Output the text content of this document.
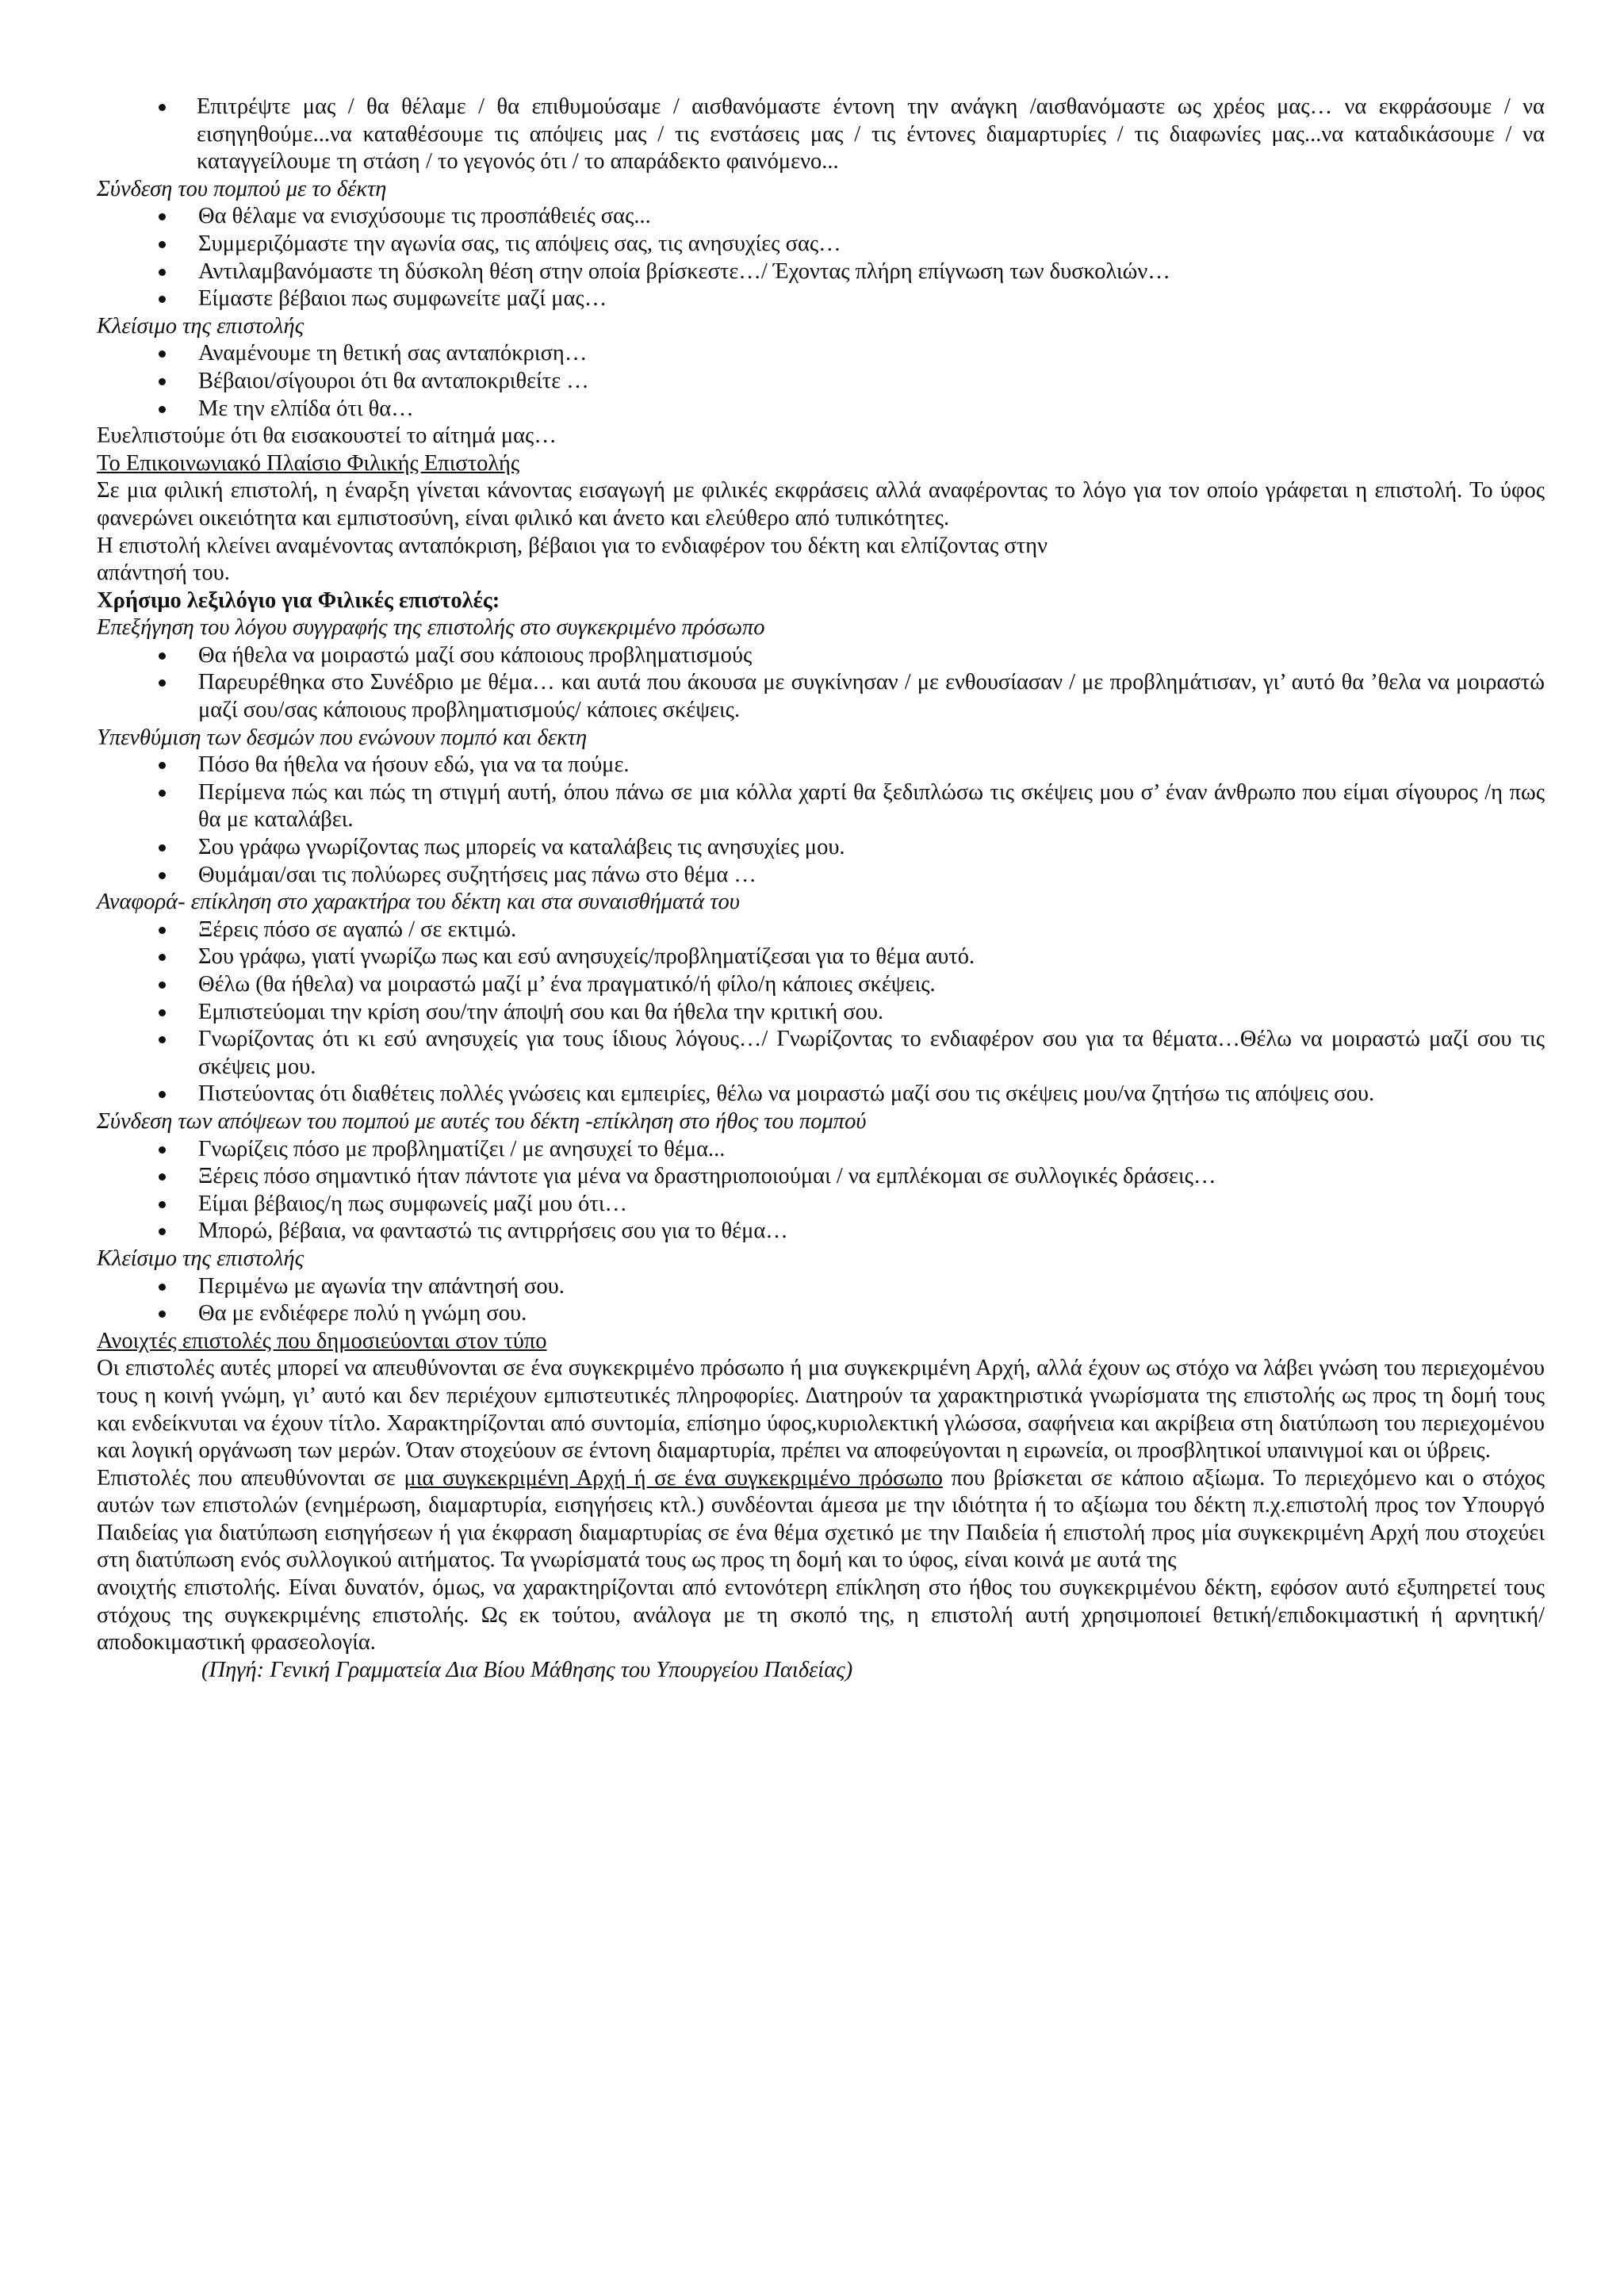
Επιτρέψτε μας / θα θέλαμε / θα επιθυμούσαμε / αισθανόμαστε έντονη την ανάγκη /αισθανόμαστε ως χρέος μας… να εκφράσουμε / να εισηγηθούμε...να καταθέσουμε τις απόψεις μας / τις ενστάσεις μας / τις έντονες διαμαρτυρίες / τις διαφωνίες μας...να καταδικάσουμε / να καταγγείλουμε τη στάση / το γεγονός ότι / το απαράδεκτο φαινόμενο...

Σύνδεση του πομπού με το δέκτη

Θα θέλαμε να ενισχύσουμε τις προσπάθειές σας...
Συμμεριζόμαστε την αγωνία σας, τις απόψεις σας, τις ανησυχίες σας…
Αντιλαμβανόμαστε τη δύσκολη θέση στην οποία βρίσκεστε…/ Έχοντας πλήρη επίγνωση των δυσκολιών…
Είμαστε βέβαιοι πως συμφωνείτε μαζί μας…

Κλείσιμο της επιστολής

Αναμένουμε τη θετική σας ανταπόκριση…
Βέβαιοι/σίγουροι ότι θα ανταποκριθείτε …
Με την ελπίδα ότι θα…

Ευελπιστούμε ότι θα εισακουστεί το αίτημά μας…

Το Επικοινωνιακό Πλαίσιο Φιλικής Επιστολής

Σε μια φιλική επιστολή, η έναρξη γίνεται κάνοντας εισαγωγή με φιλικές εκφράσεις αλλά αναφέροντας το λόγο για τον οποίο γράφεται η επιστολή. Το ύφος φανερώνει οικειότητα και εμπιστοσύνη, είναι φιλικό και άνετο και ελεύθερο από τυπικότητες.

Η επιστολή κλείνει αναμένοντας ανταπόκριση, βέβαιοι για το ενδιαφέρον του δέκτη και ελπίζοντας στην

απάντησή του.

Χρήσιμο λεξιλόγιο για Φιλικές επιστολές:

Επεξήγηση του λόγου συγγραφής της επιστολής στο συγκεκριμένο πρόσωπο

Θα ήθελα να μοιραστώ μαζί σου κάποιους προβληματισμούς
Παρευρέθηκα στο Συνέδριο με θέμα… και αυτά που άκουσα με συγκίνησαν / με ενθουσίασαν / με προβλημάτισαν, γι’ αυτό θα ’θελα να μοιραστώ μαζί σου/σας κάποιους προβληματισμούς/ κάποιες σκέψεις.

Υπενθύμιση των δεσμών που ενώνουν πομπό και δεκτη

Πόσο θα ήθελα να ήσουν εδώ, για να τα πούμε.
Περίμενα πώς και πώς τη στιγμή αυτή, όπου πάνω σε μια κόλλα χαρτί θα ξεδιπλώσω τις σκέψεις μου σ’ έναν άνθρωπο που είμαι σίγουρος /η πως θα με καταλάβει.
Σου γράφω γνωρίζοντας πως μπορείς να καταλάβεις τις ανησυχίες μου.
Θυμάμαι/σαι τις πολύωρες συζητήσεις μας πάνω στο θέμα …

Αναφορά- επίκληση στο χαρακτήρα του δέκτη και στα συναισθήματά του

Ξέρεις πόσο σε αγαπώ / σε εκτιμώ.
Σου γράφω, γιατί γνωρίζω πως και εσύ ανησυχείς/προβληματίζεσαι για το θέμα αυτό.
Θέλω (θα ήθελα) να μοιραστώ μαζί μ’ ένα πραγματικό/ή φίλο/η κάποιες σκέψεις.
Εμπιστεύομαι την κρίση σου/την άποψή σου και θα ήθελα την κριτική σου.
Γνωρίζοντας ότι κι εσύ ανησυχείς για τους ίδιους λόγους…/ Γνωρίζοντας το ενδιαφέρον σου για τα θέματα…Θέλω να μοιραστώ μαζί σου τις σκέψεις μου.
Πιστεύοντας ότι διαθέτεις πολλές γνώσεις και εμπειρίες, θέλω να μοιραστώ μαζί σου τις σκέψεις μου/να ζητήσω τις απόψεις σου.

Σύνδεση των απόψεων του πομπού με αυτές του δέκτη -επίκληση στο ήθος του πομπού

Γνωρίζεις πόσο με προβληματίζει / με ανησυχεί το θέμα...
Ξέρεις πόσο σημαντικό ήταν πάντοτε για μένα να δραστηριοποιούμαι / να εμπλέκομαι σε συλλογικές δράσεις…
Είμαι βέβαιος/η πως συμφωνείς μαζί μου ότι…
Μπορώ, βέβαια, να φανταστώ τις αντιρρήσεις σου για το θέμα…

Κλείσιμο της επιστολής

Περιμένω με αγωνία την απάντησή σου.
Θα με ενδιέφερε πολύ η γνώμη σου.

Ανοιχτές επιστολές που δημοσιεύονται στον τύπο

Οι επιστολές αυτές μπορεί να απευθύνονται σε ένα συγκεκριμένο πρόσωπο ή μια συγκεκριμένη Αρχή, αλλά έχουν ως στόχο να λάβει γνώση του περιεχομένου τους η κοινή γνώμη, γι’ αυτό και δεν περιέχουν εμπιστευτικές πληροφορίες. Διατηρούν τα χαρακτηριστικά γνωρίσματα της επιστολής ως προς τη δομή τους και ενδείκνυται να έχουν τίτλο. Χαρακτηρίζονται από συντομία, επίσημο ύφος,κυριολεκτική γλώσσα, σαφήνεια και ακρίβεια στη διατύπωση του περιεχομένου και λογική οργάνωση των μερών. Όταν στοχεύουν σε έντονη διαμαρτυρία, πρέπει να αποφεύγονται η ειρωνεία, οι προσβλητικοί υπαινιγμοί και οι ύβρεις.

Επιστολές που απευθύνονται σε μια συγκεκριμένη Αρχή ή σε ένα συγκεκριμένο πρόσωπο που βρίσκεται σε κάποιο αξίωμα. Το περιεχόμενο και ο στόχος αυτών των επιστολών (ενημέρωση, διαμαρτυρία, εισηγήσεις κτλ.) συνδέονται άμεσα με την ιδιότητα ή το αξίωμα του δέκτη π.χ.επιστολή προς τον Υπουργό Παιδείας για διατύπωση εισηγήσεων ή για έκφραση διαμαρτυρίας σε ένα θέμα σχετικό με την Παιδεία ή επιστολή προς μία συγκεκριμένη Αρχή που στοχεύει στη διατύπωση ενός συλλογικού αιτήματος. Τα γνωρίσματά τους ως προς τη δομή και το ύφος, είναι κοινά με αυτά της

ανοιχτής επιστολής. Είναι δυνατόν, όμως, να χαρακτηρίζονται από εντονότερη επίκληση στο ήθος του συγκεκριμένου δέκτη, εφόσον αυτό εξυπηρετεί τους στόχους της συγκεκριμένης επιστολής. Ως εκ τούτου, ανάλογα με τη σκοπό της, η επιστολή αυτή χρησιμοποιεί θετική/επιδοκιμαστική ή αρνητική/αποδοκιμαστική φρασεολογία.

(Πηγή: Γενική Γραμματεία Δια Βίου Μάθησης του Υπουργείου Παιδείας)
